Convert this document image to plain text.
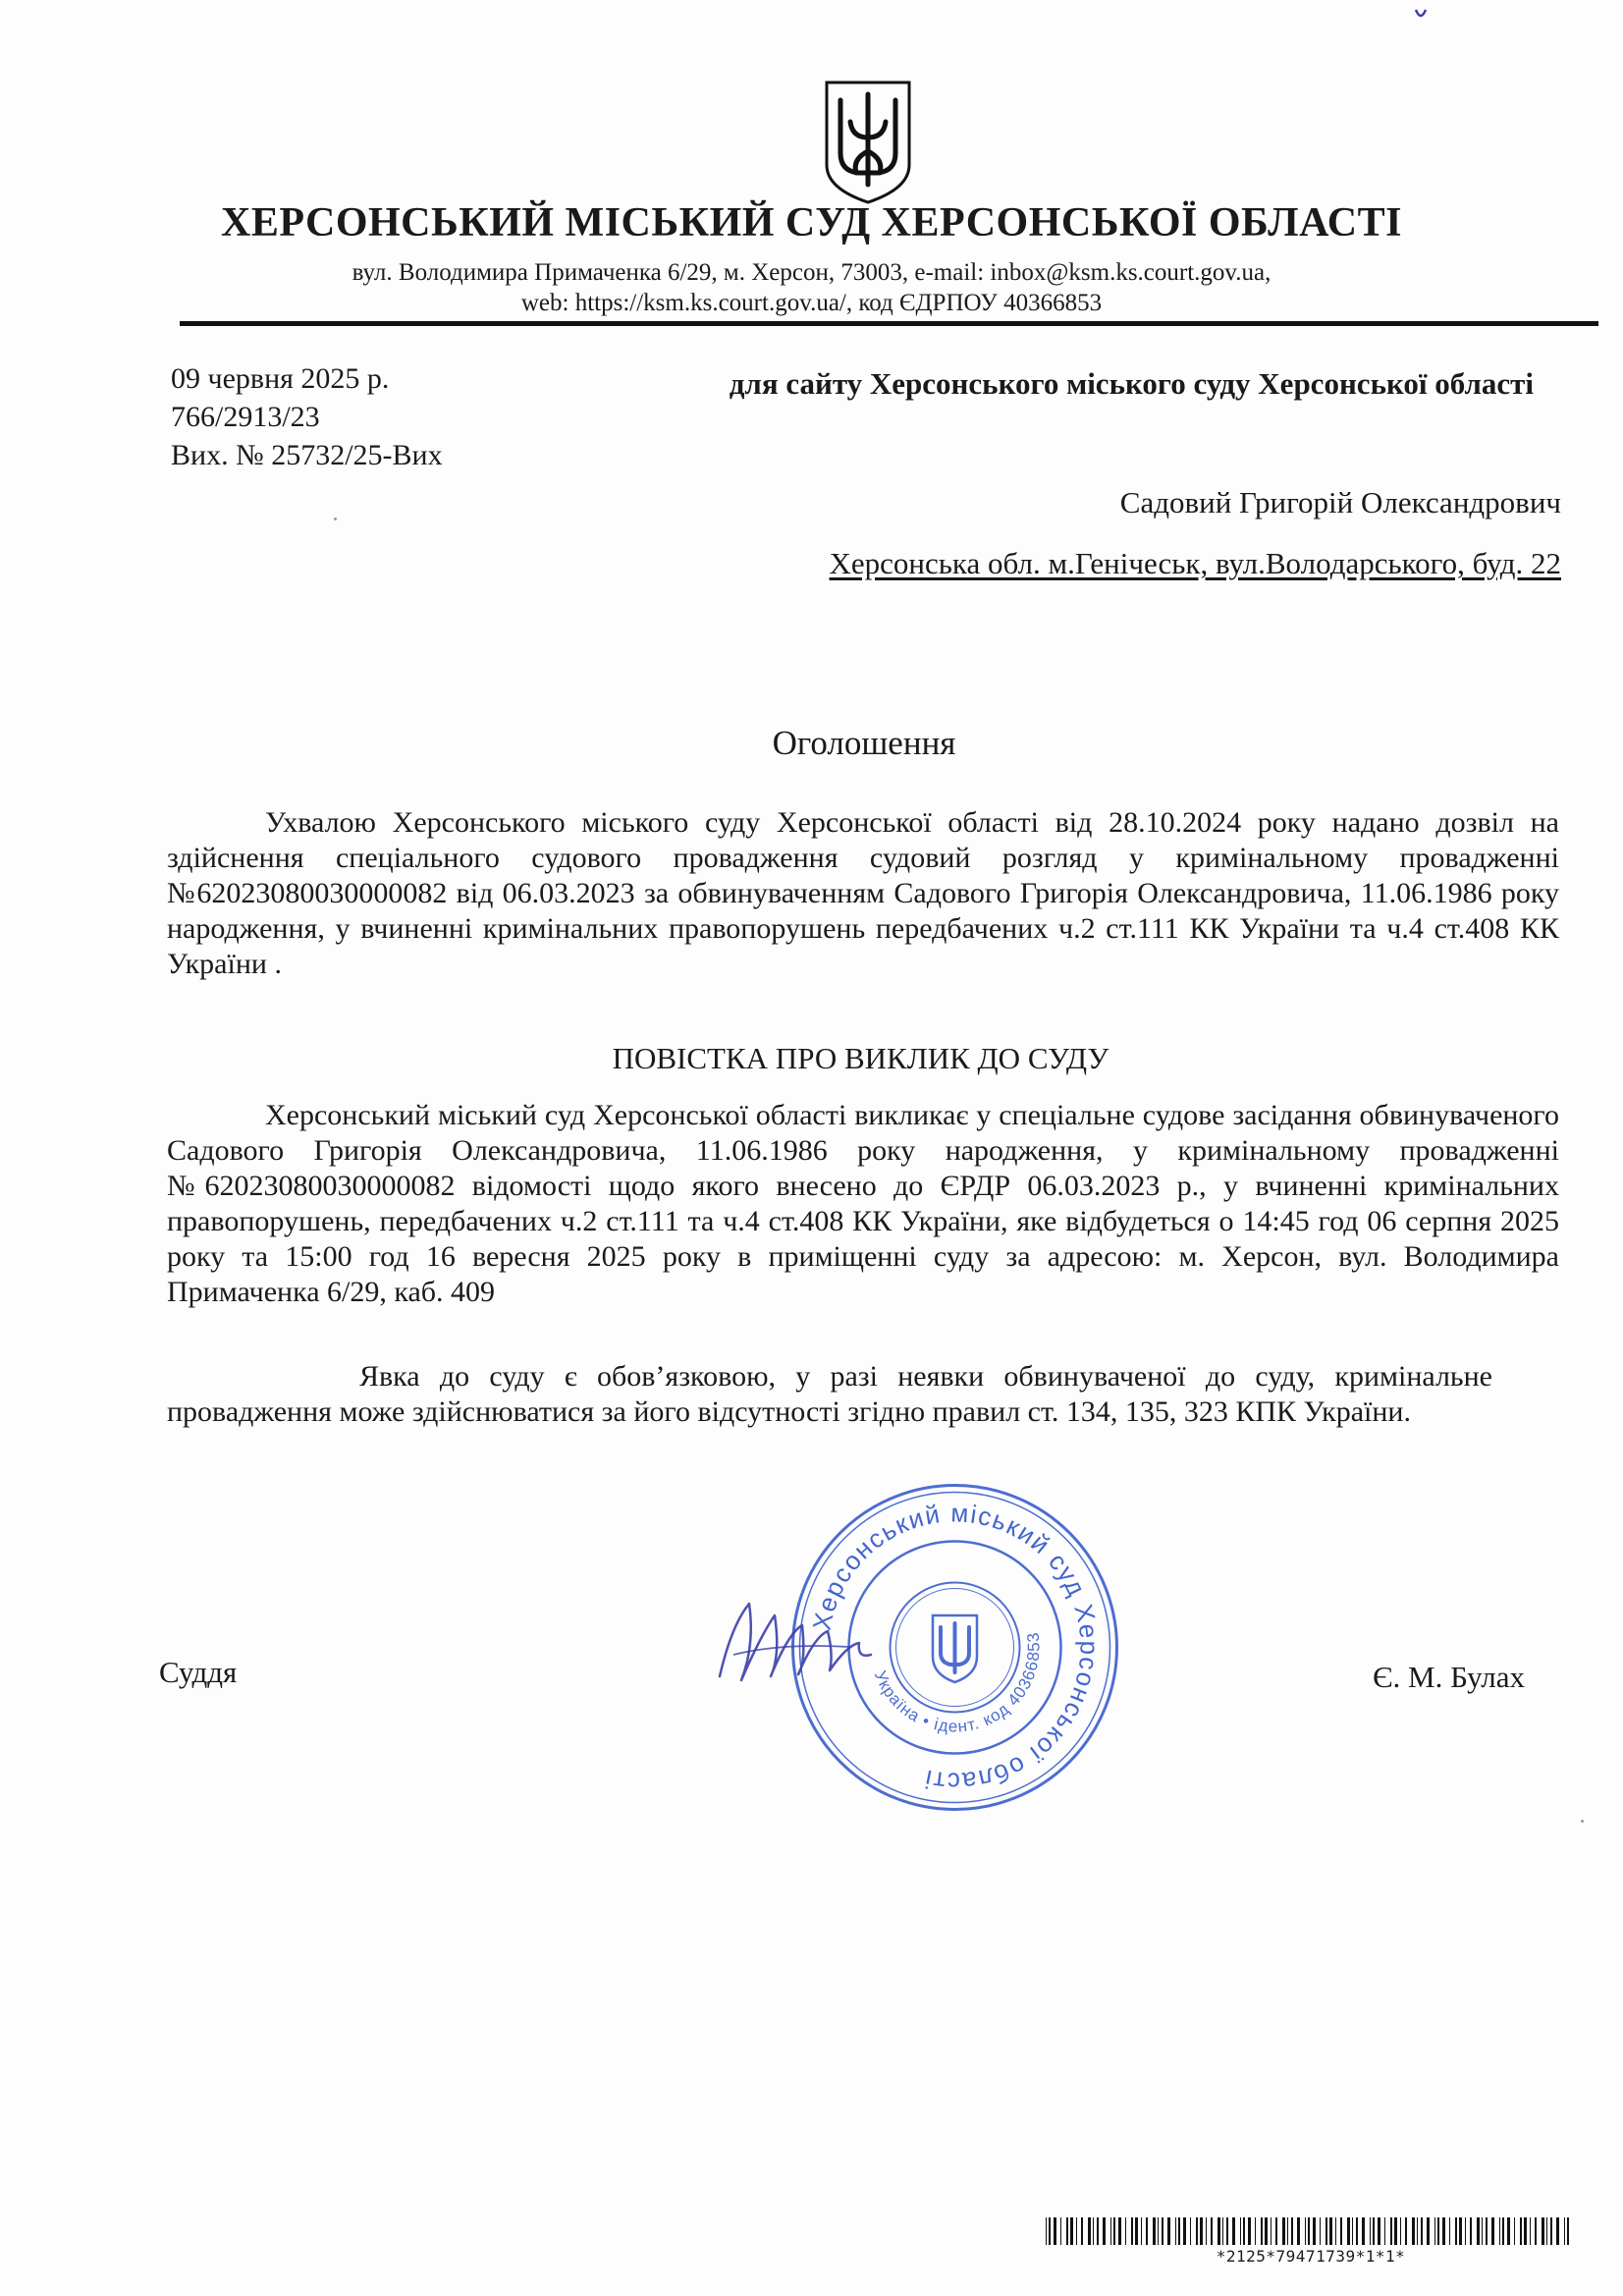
ХЕРСОНСЬКИЙ МІСЬКИЙ СУД ХЕРСОНСЬКОЇ ОБЛАСТІ
вул. Володимира Примаченка 6/29, м. Херсон, 73003, e-mail: inbox@ksm.ks.court.gov.ua,
web: https://ksm.ks.court.gov.ua/, код ЄДРПОУ 40366853
09 червня 2025 р.
766/2913/23
Вих. № 25732/25-Вих
для сайту Херсонського міського суду Херсонської області
Садовий Григорій Олександрович
Херсонська обл. м.Генічеськ, вул.Володарського, буд. 22
Оголошення
Ухвалою Херсонського міського суду Херсонської області від 28.10.2024 року надано дозвіл на здійснення спеціального судового провадження судовий розгляд у кримінальному провадженні №62023080030000082 від 06.03.2023 за обвинуваченням Садового Григорія Олександровича, 11.06.1986 року народження, у вчиненні кримінальних правопорушень передбачених ч.2 ст.111 КК України та ч.4 ст.408 КК України .
ПОВІСТКА ПРО ВИКЛИК ДО СУДУ
Херсонський міський суд Херсонської області викликає у спеціальне судове засідання обвинуваченого Садового Григорія Олександровича, 11.06.1986 року народження, у кримінальному провадженні №62023080030000082 відомості щодо якого внесено до ЄРДР 06.03.2023 р., у вчиненні кримінальних правопорушень, передбачених ч.2 ст.111 та ч.4 ст.408 КК України, яке відбудеться о 14:45 год 06 серпня 2025 року та 15:00 год 16 вересня 2025 року в приміщенні суду за адресою: м. Херсон, вул. Володимира Примаченка 6/29, каб. 409
Явка до суду є обов’язковою, у разі неявки обвинуваченої до суду, кримінальне провадження може здійснюватися за його відсутності згідно правил ст. 134, 135, 323 КПК України.
Херсонський міський суд Херсонської області
Україна • ідент. код 40366853
Суддя	Є. М. Булах
*2125*79471739*1*1*
